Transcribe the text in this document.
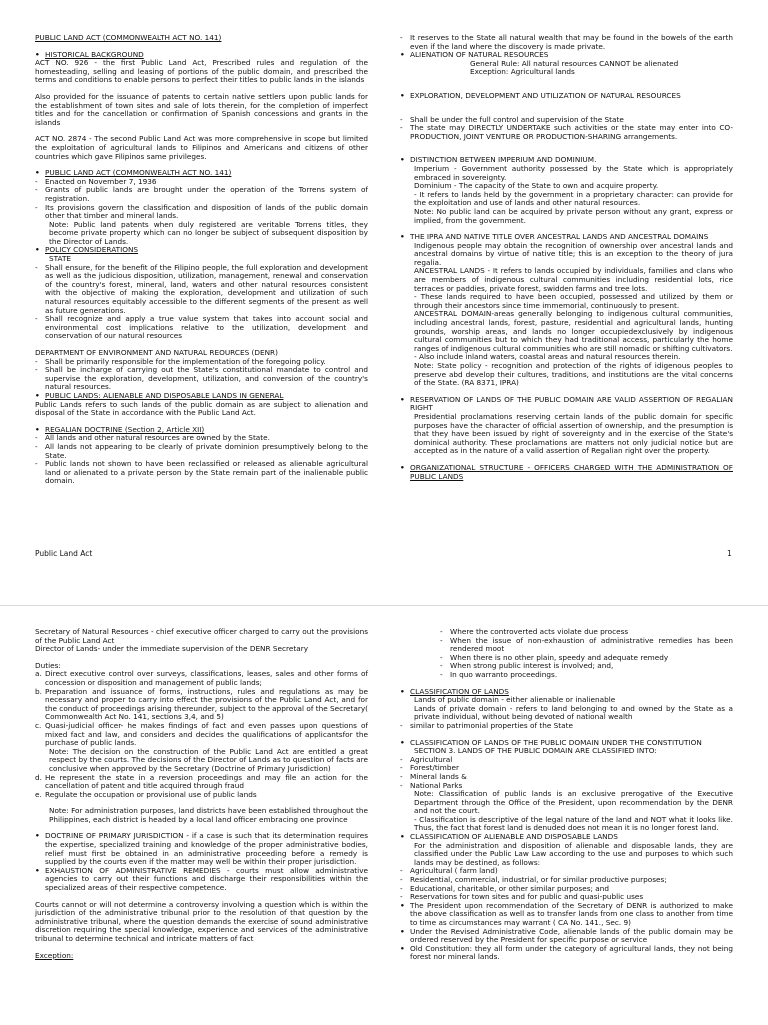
PUBLIC LAND ACT (COMMONWEALTH ACT NO. 141)
• HISTORICAL BACKGROUND

ACT NO. 926 - the first Public Land Act, Prescribed rules and regulation of the homesteading, selling and leasing of portions of the public domain, and prescribed the terms and conditions to enable persons to perfect their titles to public lands in the islands

Also provided for the issuance of patents to certain native settlers upon public lands for the establishment of town sites and sale of lots therein, for the completion of imperfect titles and for the cancellation or confirmation of Spanish concessions and grants in the islands

ACT NO. 2874 - The second Public Land Act was more comprehensive in scope but limited the exploitation of agricultural lands to Filipinos and Americans and citizens of other countries which gave Filipinos same privileges.

• PUBLIC LAND ACT (COMMONWEALTH ACT NO. 141)
-	Enacted on November 7, 1936
-	Grants of public lands are brought under the operation of the Torrens system of registration.
-	Its provisions govern the classification and disposition of lands of the public domain other that timber and mineral lands.

Note: Public land patents when duly registered are veritable Torrens titles, they become private property which can no longer be subject of subsequent disposition by the Director of Lands.

• POLICY CONSIDERATIONS

STATE

-	Shall ensure, for the benefit of the Filipino people, the full exploration and development as well as the judicious disposition, utilization, management, renewal and conservation of the country's forest, mineral, land, waters and other natural resources consistent with the objective of making the exploration, development and utilization of such natural resources equitably accessible to the different segments of the present as well as future generations.
-	Shall recognize and apply a true value system that takes into account social and environmental cost implications relative to the utilization, development and conservation of our natural resources

DEPARTMENT OF ENVIRONMENT AND NATURAL REOURCES (DENR)

-	Shall be primarily responsible for the implementation of the foregoing policy.
-	Shall be incharge of carrying out the State's constitutional mandate to control and supervise the exploration, development, utilization, and conversion of the country's natural resources.
• PUBLIC LANDS: ALIENABLE AND DISPOSABLE LANDS IN GENERAL

Public Lands refers to such lands of the public domain as are subject to alienation and disposal of the State in accordance with the Public Land Act.

• REGALIAN DOCTRINE (Section 2, Article XII)
-	All lands and other natural resources are owned by the State.
-	All lands not appearing to be clearly of private dominion presumptively belong to the State.
-	Public lands not shown to have been reclassified or released as alienable agricultural land or alienated to a private person by the State remain part of the inalienable public domain.
-	It reserves to the State all natural wealth that may be found in the bowels of the earth even if the land where the discovery is made private.
• ALIENATION OF NATURAL RESOURCES

General Rule: All natural resources CANNOT be alienated

Exception: Agricultural lands

• EXPLORATION, DEVELOPMENT AND UTILIZATION OF NATURAL RESOURCES
-	Shall be under the full control and supervision of the State
-	The state may DIRECTLY UNDERTAKE such activities or the state may enter into CO-PRODUCTION, JOINT VENTURE OR PRODUCTION-SHARING arrangements.
• DISTINCTION BETWEEN IMPERIUM AND DOMINIUM.

Imperium - Government authority possessed by the State which is appropriately embraced in sovereignty.

Dominium - The capacity of the State to own and acquire property.

- It refers to lands held by the government in a proprietary character: can provide for the exploitation and use of lands and other natural resources.

Note: No public land can be acquired by private person without any grant, express or implied, from the government.

• THE IPRA AND NATIVE TITLE OVER ANCESTRAL LANDS AND ANCESTRAL DOMAINS

Indigenous people may obtain the recognition of ownership over ancestral lands and ancestral domains by virtue of native title; this is an exception to the theory of jura regalia.

ANCESTRAL LANDS - It refers to lands occupied by individuals, families and clans who are members of indigenous cultural communities including residential lots, rice terraces or paddies, private forest, swidden farms and tree lots.

- These lands required to have been occupied, possessed and utilized by them or through their ancestors since time immemorial, continuously to present.

ANCESTRAL DOMAIN-areas generally belonging to indigenous cultural communities, including ancestral lands, forest, pasture, residential and agricultural lands, hunting grounds, worship areas, and lands no longer occupiedexclusively by indigenous cultural communities but to which they had traditional access, particularly the home ranges of indigenous cultural communities who are still nomadic or shifting cultivators.

- Also include inland waters, coastal areas and natural resources therein.

Note: State policy - recognition and protection of the rights of idigenous peoples to preserve abd develop their cultures, traditions, and institutions are the vital concerns of the State. (RA 8371, IPRA)

• RESERVATION OF LANDS OF THE PUBLIC DOMAIN ARE VALID ASSERTION OF REGALIAN RIGHT

Presidential proclamations reserving certain lands of the public domain for specific purposes have the character of official assertion of ownership, and the presumption is that they have been issued by right of sovereignty and in the exercise of the State's dominical authority. These proclamations are matters not only judicial notice but are accepted as in the nature of a valid assertion of Regalian right over the property.

• ORGANIZATIONAL STRUCTURE - OFFICERS CHARGED WITH THE ADMINISTRATION OF PUBLIC LANDS
Public Land Act	1

Secretary of Natural Resources - chief executive officer charged to carry out the provisions of the Public Land Act

Director of Lands- under the immediate supervision of the DENR Secretary

Duties:

a. Direct executive control over surveys, classifications, leases, sales and other forms of concession or disposition and management of public lands;
b. Preparation and issuance of forms, instructions, rules and regulations as may be necessary and proper to carry into effect the provisions of the Public Land Act, and for the conduct of proceedings arising thereunder, subject to the approval of the Secretary( Commonwealth Act No. 141, sections 3,4, and 5)
c. Quasi-judicial officer- he makes findings of fact and even passes upon questions of mixed fact and law, and considers and decides the qualifications of applicantsfor the purchase of public lands.

Note: The decision on the construction of the Public Land Act are entitled a great respect by the courts. The decisions of the Director of Lands as to question of facts are conclusive when approved by the Secretary (Doctrine of Primary Jurisdiction)

d. He represent the state in a reversion proceedings and may file an action for the cancellation of patent and title acquired through fraud
e. Regulate the occupation or provisional use of public lands

Note: For administration purposes, land districts have been established throughout the Philippines, each district is headed by a local land officer embracing one province

• DOCTRINE OF PRIMARY JURISDICTION - if a case is such that its determination requires the expertise, specialized training and knowledge of the proper administrative bodies, relief must first be obtained in an administrative proceeding before a remedy is supplied by the courts even if the matter may well be within their proper jurisdiction.
• EXHAUSTION OF ADMINISTRATIVE REMEDIES - courts must allow administrative agencies to carry out their functions and discharge their responsibilities within the specialized areas of their respective competence.

Courts cannot or will not determine a controversy involving a question which is within the jurisdiction of the administrative tribunal prior to the resolution of that question by the administrative tribunal, where the question demands the exercise of sound administrative discretion requiring the special knowledge, experience and services of the administrative tribunal to determine technical and intricate matters of fact

Exception:
-	Where the controverted acts violate due process
-	When the issue of non-exhaustion of administrative remedies has been rendered moot
-	When there is no other plain, speedy and adequate remedy
-	When strong public interest is involved; and,
-	In quo warranto proceedings.
• CLASSIFICATION OF LANDS

Lands of public domain - either alienable or inalienable

Lands of private domain - refers to land belonging to and owned by the State as a private individual, without being devoted of national wealth

-	similar to patrimonial properties of the State
• CLASSIFICATION OF LANDS OF THE PUBLIC DOMAIN UNDER THE CONSTITUTION

SECTION 3. LANDS OF THE PUBLIC DOMAIN ARE CLASSIFIED INTO:

-	Agricultural
-	Forest/timber
-	Mineral lands &
-	National Parks

Note: Classification of public lands is an exclusive prerogative of the Executive Department through the Office of the President, upon recommendation by the DENR and not the court.

- Classification is descriptive of the legal nature of the land and NOT what it looks like. Thus, the fact that forest land is denuded does not mean it is no longer forest land.

• CLASSIFICATION OF ALIENABLE AND DISPOSABLE LANDS

For the administration and disposition of alienable and disposable lands, they are classified under the Public Law Law according to the use and purposes to which such lands may be destined, as follows:

-	Agricultural ( farm land)
-	Residential, commercial, industrial, or for similar productive purposes;
-	Educational, charitable, or other similar purposes; and
-	Reservations for town sites and for public and quasi-public uses
• The President upon recommendation of the Secretary of DENR is authorized to make the above classification as well as to transfer lands from one class to another from time to time as circumstances may warrant ( CA No. 141., Sec. 9)
• Under the Revised Administrative Code, alienable lands of the public domain may be ordered reserved by the President for specific purpose or service
• Old Constitution: they all form under the category of agricultural lands, they not being forest nor mineral lands.
